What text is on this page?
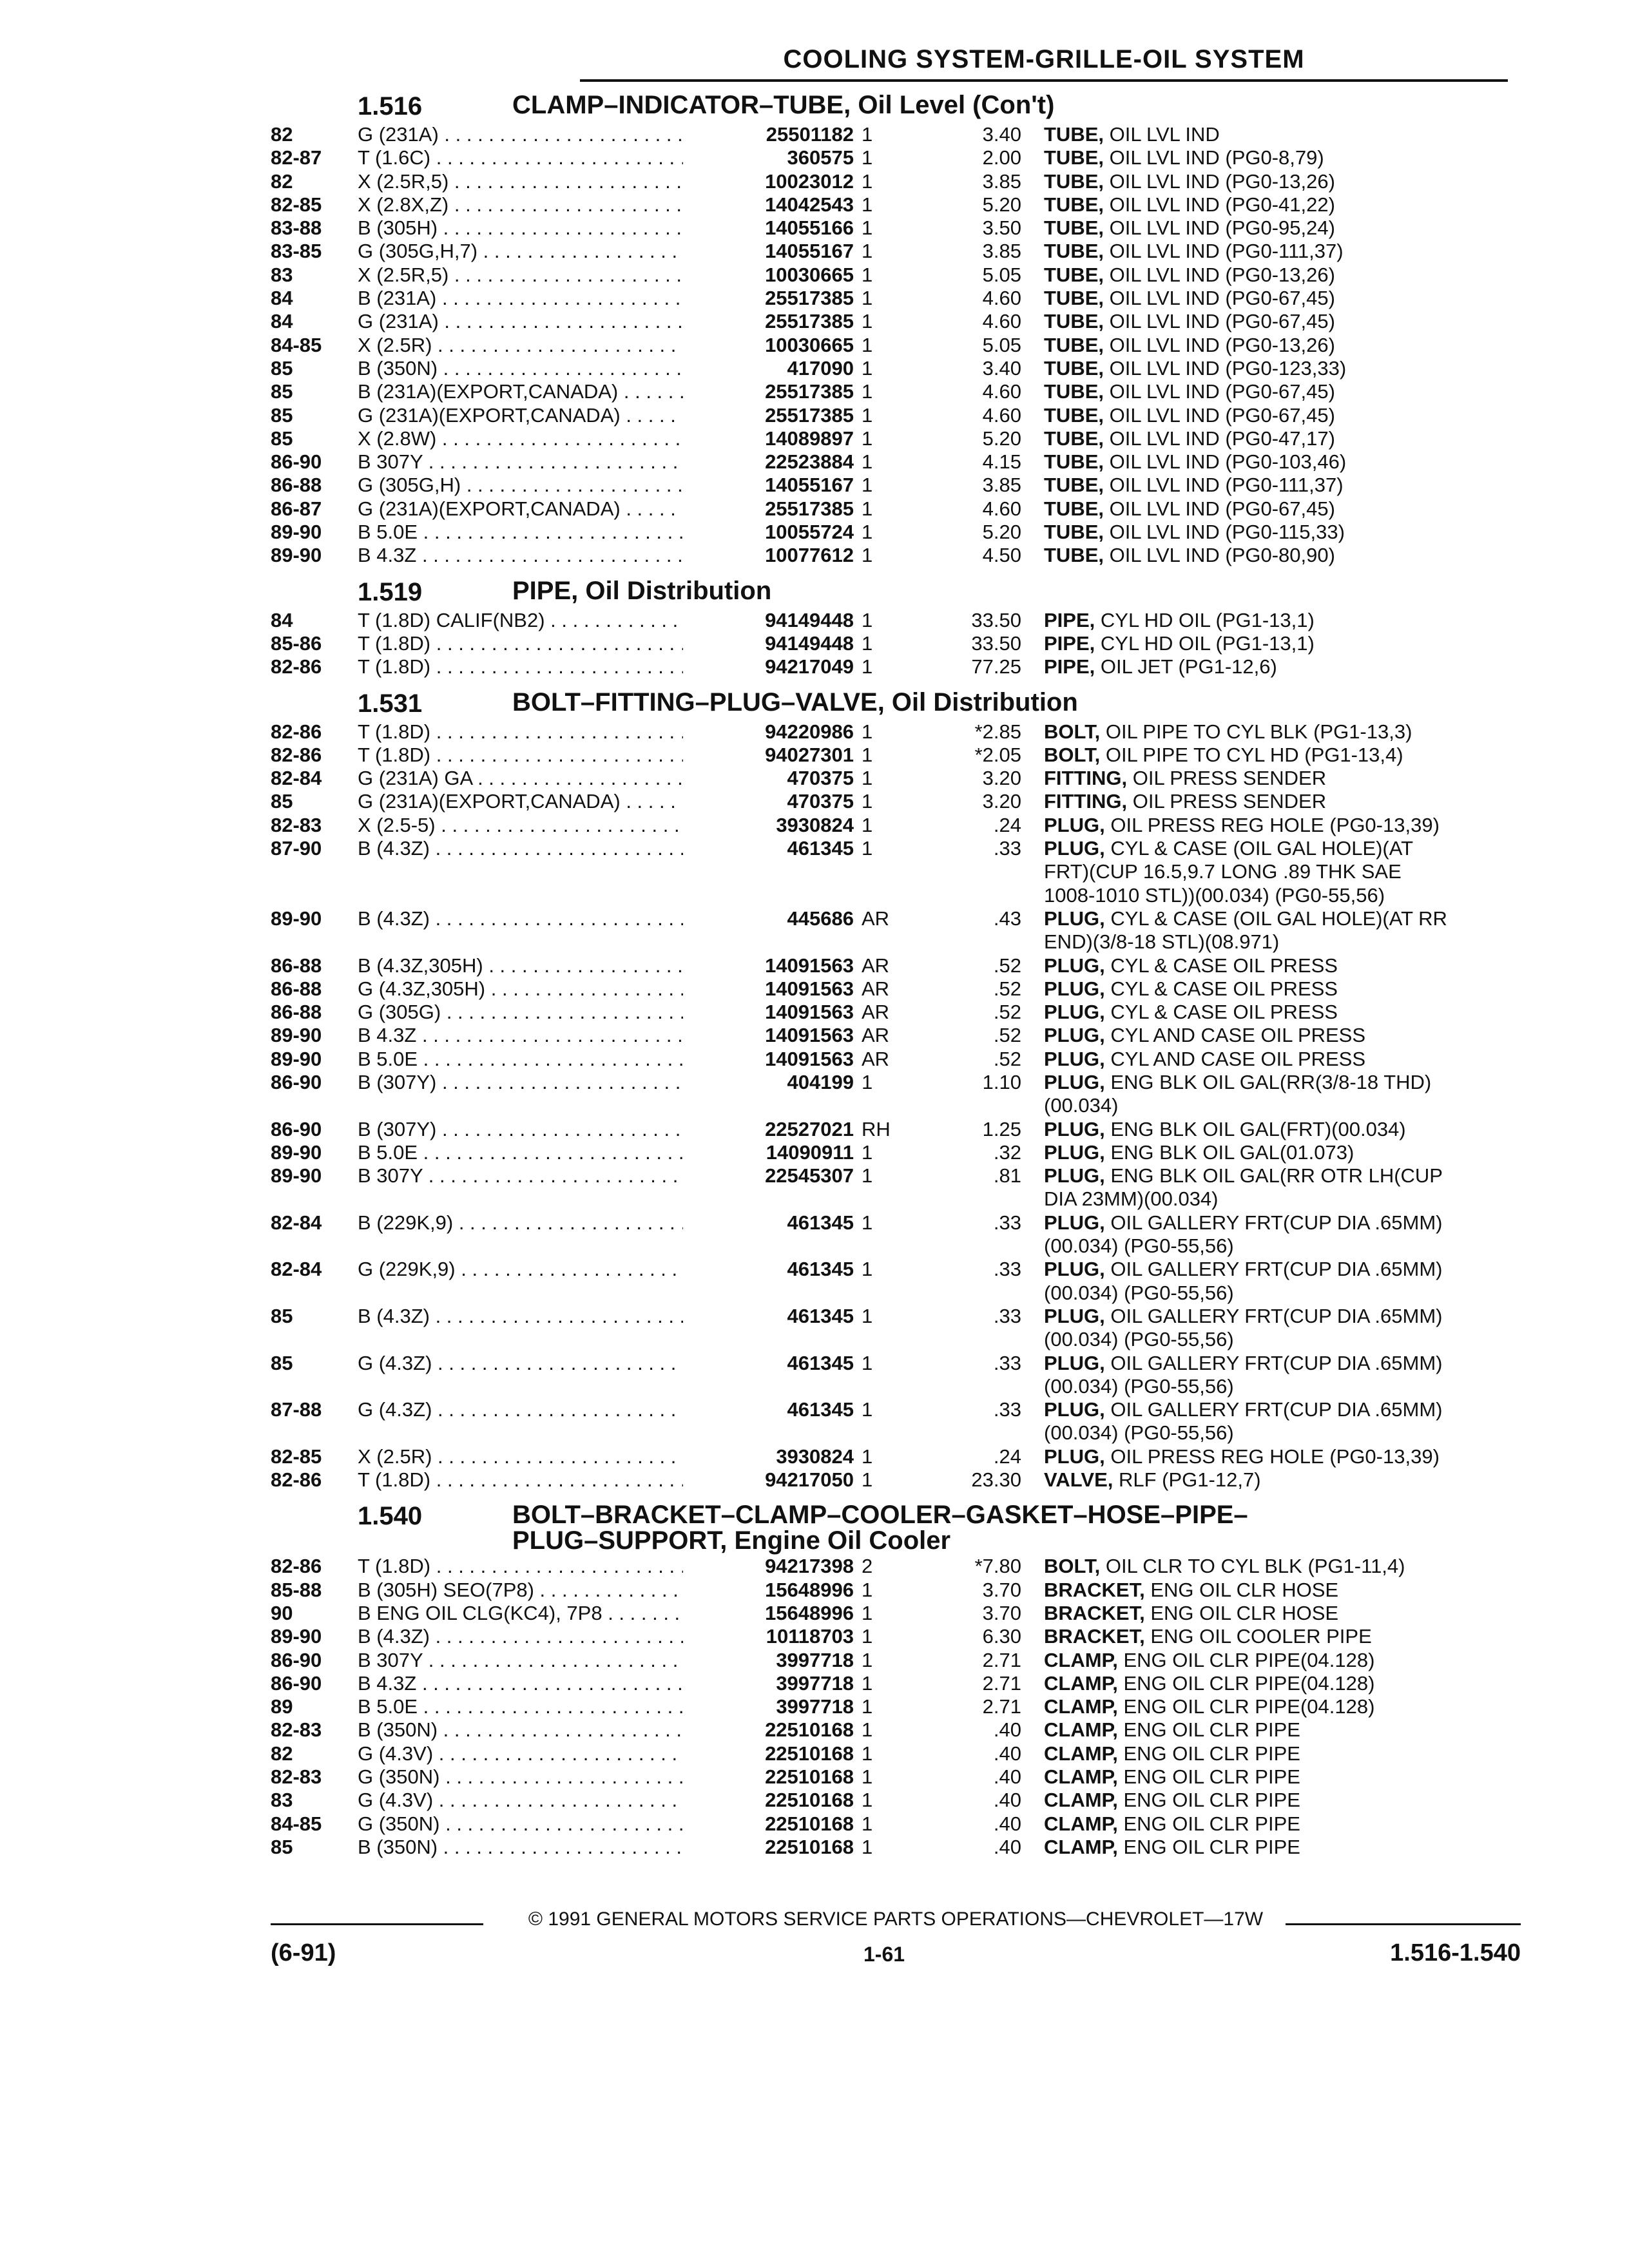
COOLING SYSTEM-GRILLE-OIL SYSTEM
1.516	CLAMP–INDICATOR–TUBE, Oil Level (Con't)
82	G (231A) . . .	25501182 1	3.40 TUBE, OIL LVL IND
82-87 T (1.6C) . . .	360575 1	2.00 TUBE, OIL LVL IND (PG0-8,79)
82	X (2.5R,5) . . .	10023012 1	3.85 TUBE, OIL LVL IND (PG0-13,26)
82-85 X (2.8X,Z) . . .	14042543 1	5.20 TUBE, OIL LVL IND (PG0-41,22)
83-88 B (305H) . . .	14055166 1	3.50 TUBE, OIL LVL IND (PG0-95,24)
83-85 G (305G,H,7) . . .	14055167 1	3.85 TUBE, OIL LVL IND (PG0-111,37)
83	X (2.5R,5) . . .	10030665 1	5.05 TUBE, OIL LVL IND (PG0-13,26)
84	B (231A) . . .	25517385 1	4.60 TUBE, OIL LVL IND (PG0-67,45)
84	G (231A) . . .	25517385 1	4.60 TUBE, OIL LVL IND (PG0-67,45)
84-85 X (2.5R) . . .	10030665 1	5.05 TUBE, OIL LVL IND (PG0-13,26)
85	B (350N) . . .	417090 1	3.40 TUBE, OIL LVL IND (PG0-123,33)
85	B (231A)(EXPORT,CANADA) . . .	25517385 1	4.60 TUBE, OIL LVL IND (PG0-67,45)
85	G (231A)(EXPORT,CANADA) . . .	25517385 1	4.60 TUBE, OIL LVL IND (PG0-67,45)
85	X (2.8W) . . .	14089897 1	5.20 TUBE, OIL LVL IND (PG0-47,17)
86-90 B 307Y . . .	22523884 1	4.15 TUBE, OIL LVL IND (PG0-103,46)
86-88 G (305G,H) . . .	14055167 1	3.85 TUBE, OIL LVL IND (PG0-111,37)
86-87 G (231A)(EXPORT,CANADA) . . .	25517385 1	4.60 TUBE, OIL LVL IND (PG0-67,45)
89-90 B 5.0E . . .	10055724 1	5.20 TUBE, OIL LVL IND (PG0-115,33)
89-90 B 4.3Z . . .	10077612 1	4.50 TUBE, OIL LVL IND (PG0-80,90)
1.519	PIPE, Oil Distribution
84	T (1.8D) CALIF(NB2) . . .	94149448 1	33.50 PIPE, CYL HD OIL (PG1-13,1)
85-86 T (1.8D) . . .	94149448 1	33.50 PIPE, CYL HD OIL (PG1-13,1)
82-86 T (1.8D) . . .	94217049 1	77.25 PIPE, OIL JET (PG1-12,6)
1.531	BOLT–FITTING–PLUG–VALVE, Oil Distribution
82-86 T (1.8D) . . .	94220986 1	*2.85 BOLT, OIL PIPE TO CYL BLK (PG1-13,3)
82-86 T (1.8D) . . .	94027301 1	*2.05 BOLT, OIL PIPE TO CYL HD (PG1-13,4)
82-84 G (231A) GA . . .	470375 1	3.20 FITTING, OIL PRESS SENDER
85	G (231A)(EXPORT,CANADA) . . .	470375 1	3.20 FITTING, OIL PRESS SENDER
82-83 X (2.5-5) . . .	3930824 1	.24 PLUG, OIL PRESS REG HOLE (PG0-13,39)
87-90 B (4.3Z) . . .	461345 1	.33 PLUG, CYL & CASE (OIL GAL HOLE)(AT
FRT)(CUP 16.5,9.7 LONG .89 THK SAE
1008-1010 STL))(00.034) (PG0-55,56)
89-90 B (4.3Z) . . .	445686 AR	.43 PLUG, CYL & CASE (OIL GAL HOLE)(AT RR
END)(3/8-18 STL)(08.971)
86-88 B (4.3Z,305H) . . .	14091563 AR	.52 PLUG, CYL & CASE OIL PRESS
86-88 G (4.3Z,305H) . . .	14091563 AR	.52 PLUG, CYL & CASE OIL PRESS
86-88 G (305G) . . .	14091563 AR	.52 PLUG, CYL & CASE OIL PRESS
89-90 B 4.3Z . . .	14091563 AR	.52 PLUG, CYL AND CASE OIL PRESS
89-90 B 5.0E . . .	14091563 AR	.52 PLUG, CYL AND CASE OIL PRESS
86-90 B (307Y) . . .	404199 1	1.10 PLUG, ENG BLK OIL GAL(RR(3/8-18 THD)
(00.034)
86-90 B (307Y) . . .	22527021 RH	1.25 PLUG, ENG BLK OIL GAL(FRT)(00.034)
89-90 B 5.0E . . .	14090911 1	.32 PLUG, ENG BLK OIL GAL(01.073)
89-90 B 307Y . . .	22545307 1	.81 PLUG, ENG BLK OIL GAL(RR OTR LH(CUP
DIA 23MM)(00.034)
82-84 B (229K,9) . . .	461345 1	.33 PLUG, OIL GALLERY FRT(CUP DIA .65MM)
(00.034) (PG0-55,56)
82-84 G (229K,9) . . .	461345 1	.33 PLUG, OIL GALLERY FRT(CUP DIA .65MM)
(00.034) (PG0-55,56)
85	B (4.3Z) . . .	461345 1	.33 PLUG, OIL GALLERY FRT(CUP DIA .65MM)
(00.034) (PG0-55,56)
85	G (4.3Z) . . .	461345 1	.33 PLUG, OIL GALLERY FRT(CUP DIA .65MM)
(00.034) (PG0-55,56)
87-88 G (4.3Z) . . .	461345 1	.33 PLUG, OIL GALLERY FRT(CUP DIA .65MM)
(00.034) (PG0-55,56)
82-85 X (2.5R) . . .	3930824 1	.24 PLUG, OIL PRESS REG HOLE (PG0-13,39)
82-86 T (1.8D) . . .	94217050 1	23.30 VALVE, RLF (PG1-12,7)
1.540	BOLT–BRACKET–CLAMP–COOLER–GASKET–HOSE–PIPE–
PLUG–SUPPORT, Engine Oil Cooler
82-86 T (1.8D) . . .	94217398 2	*7.80 BOLT, OIL CLR TO CYL BLK (PG1-11,4)
85-88 B (305H) SEO(7P8) . . .	15648996 1	3.70 BRACKET, ENG OIL CLR HOSE
90	B ENG OIL CLG(KC4), 7P8 . . .	15648996 1	3.70 BRACKET, ENG OIL CLR HOSE
89-90 B (4.3Z) . . .	10118703 1	6.30 BRACKET, ENG OIL COOLER PIPE
86-90 B 307Y . . .	3997718 1	2.71 CLAMP, ENG OIL CLR PIPE(04.128)
86-90 B 4.3Z . . .	3997718 1	2.71 CLAMP, ENG OIL CLR PIPE(04.128)
89	B 5.0E . . .	3997718 1	2.71 CLAMP, ENG OIL CLR PIPE(04.128)
82-83 B (350N) . . .	22510168 1	.40 CLAMP, ENG OIL CLR PIPE
82	G (4.3V) . . .	22510168 1	.40 CLAMP, ENG OIL CLR PIPE
82-83 G (350N) . . .	22510168 1	.40 CLAMP, ENG OIL CLR PIPE
83	G (4.3V) . . .	22510168 1	.40 CLAMP, ENG OIL CLR PIPE
84-85 G (350N) . . .	22510168 1	.40 CLAMP, ENG OIL CLR PIPE
85	B (350N) . . .	22510168 1	.40 CLAMP, ENG OIL CLR PIPE
© 1991 GENERAL MOTORS SERVICE PARTS OPERATIONS—CHEVROLET—17W
(6-91)	1-61	1.516-1.540
